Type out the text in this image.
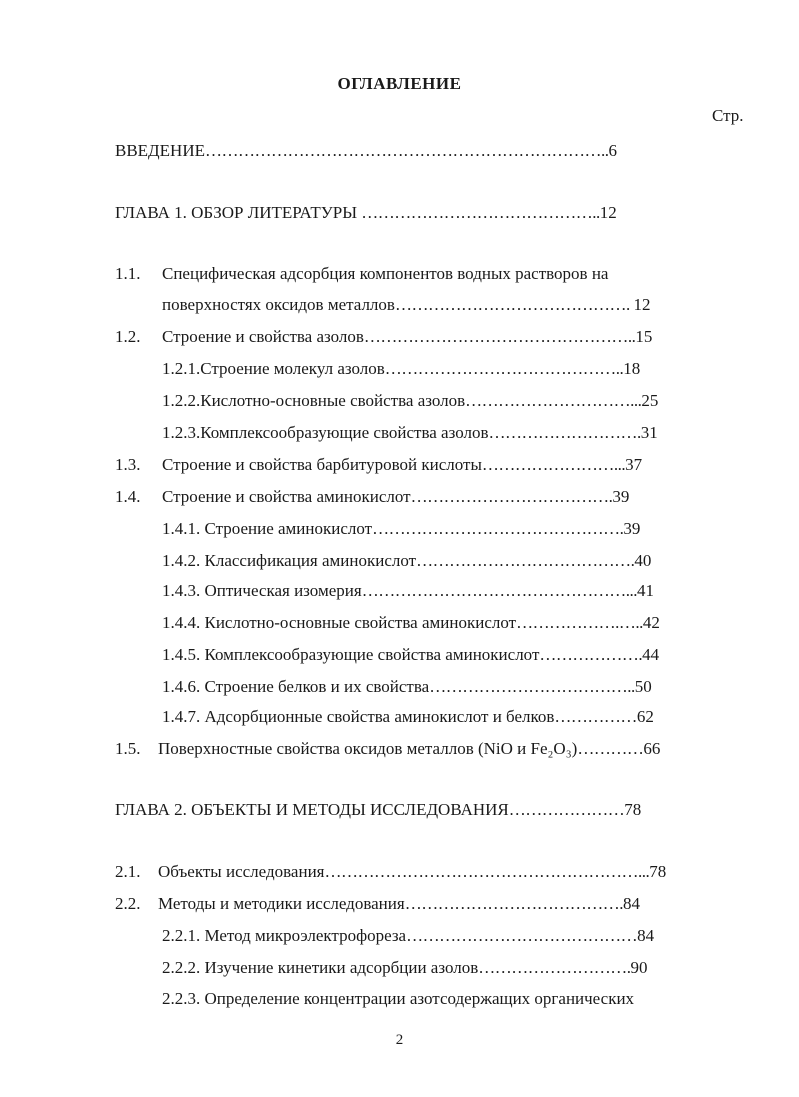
ОГЛАВЛЕНИЕ
Стр.
ВВЕДЕНИЕ………………………………………………………………..6
ГЛАВА 1. ОБЗОР ЛИТЕРАТУРЫ ……………………………………..12
1.1. Специфическая адсорбция компонентов водных растворов на
поверхностях оксидов металлов……………………………………. 12
1.2. Строение и свойства азолов…………………………………………..15
1.2.1.Строение молекул азолов……………………………………..18
1.2.2.Кислотно-основные свойства азолов…………………………...25
1.2.3.Комплексообразующие свойства азолов……………………….31
1.3. Строение и свойства барбитуровой кислоты……………………...37
1.4. Строение и свойства аминокислот……………………………….39
1.4.1. Строение аминокислот……………………………………….39
1.4.2. Классификация аминокислот………………………………….40
1.4.3. Оптическая изомерия…………………………………………...41
1.4.4. Кислотно-основные свойства аминокислот……………….…..42
1.4.5. Комплексообразующие свойства аминокислот……………….44
1.4.6. Строение белков и их свойства………………………………..50
1.4.7. Адсорбционные свойства аминокислот и белков……………62
1.5. Поверхностные свойства оксидов металлов (NiO и Fe₂O₃)…………66
ГЛАВА 2. ОБЪЕКТЫ И МЕТОДЫ ИССЛЕДОВАНИЯ…………………78
2.1. Объекты исследования…………………………………………………...78
2.2. Методы и методики исследования………………………………….84
2.2.1. Метод микроэлектрофореза……………………………………84
2.2.2. Изучение кинетики адсорбции азолов……………………….90
2.2.3. Определение концентрации азотсодержащих органических
2
